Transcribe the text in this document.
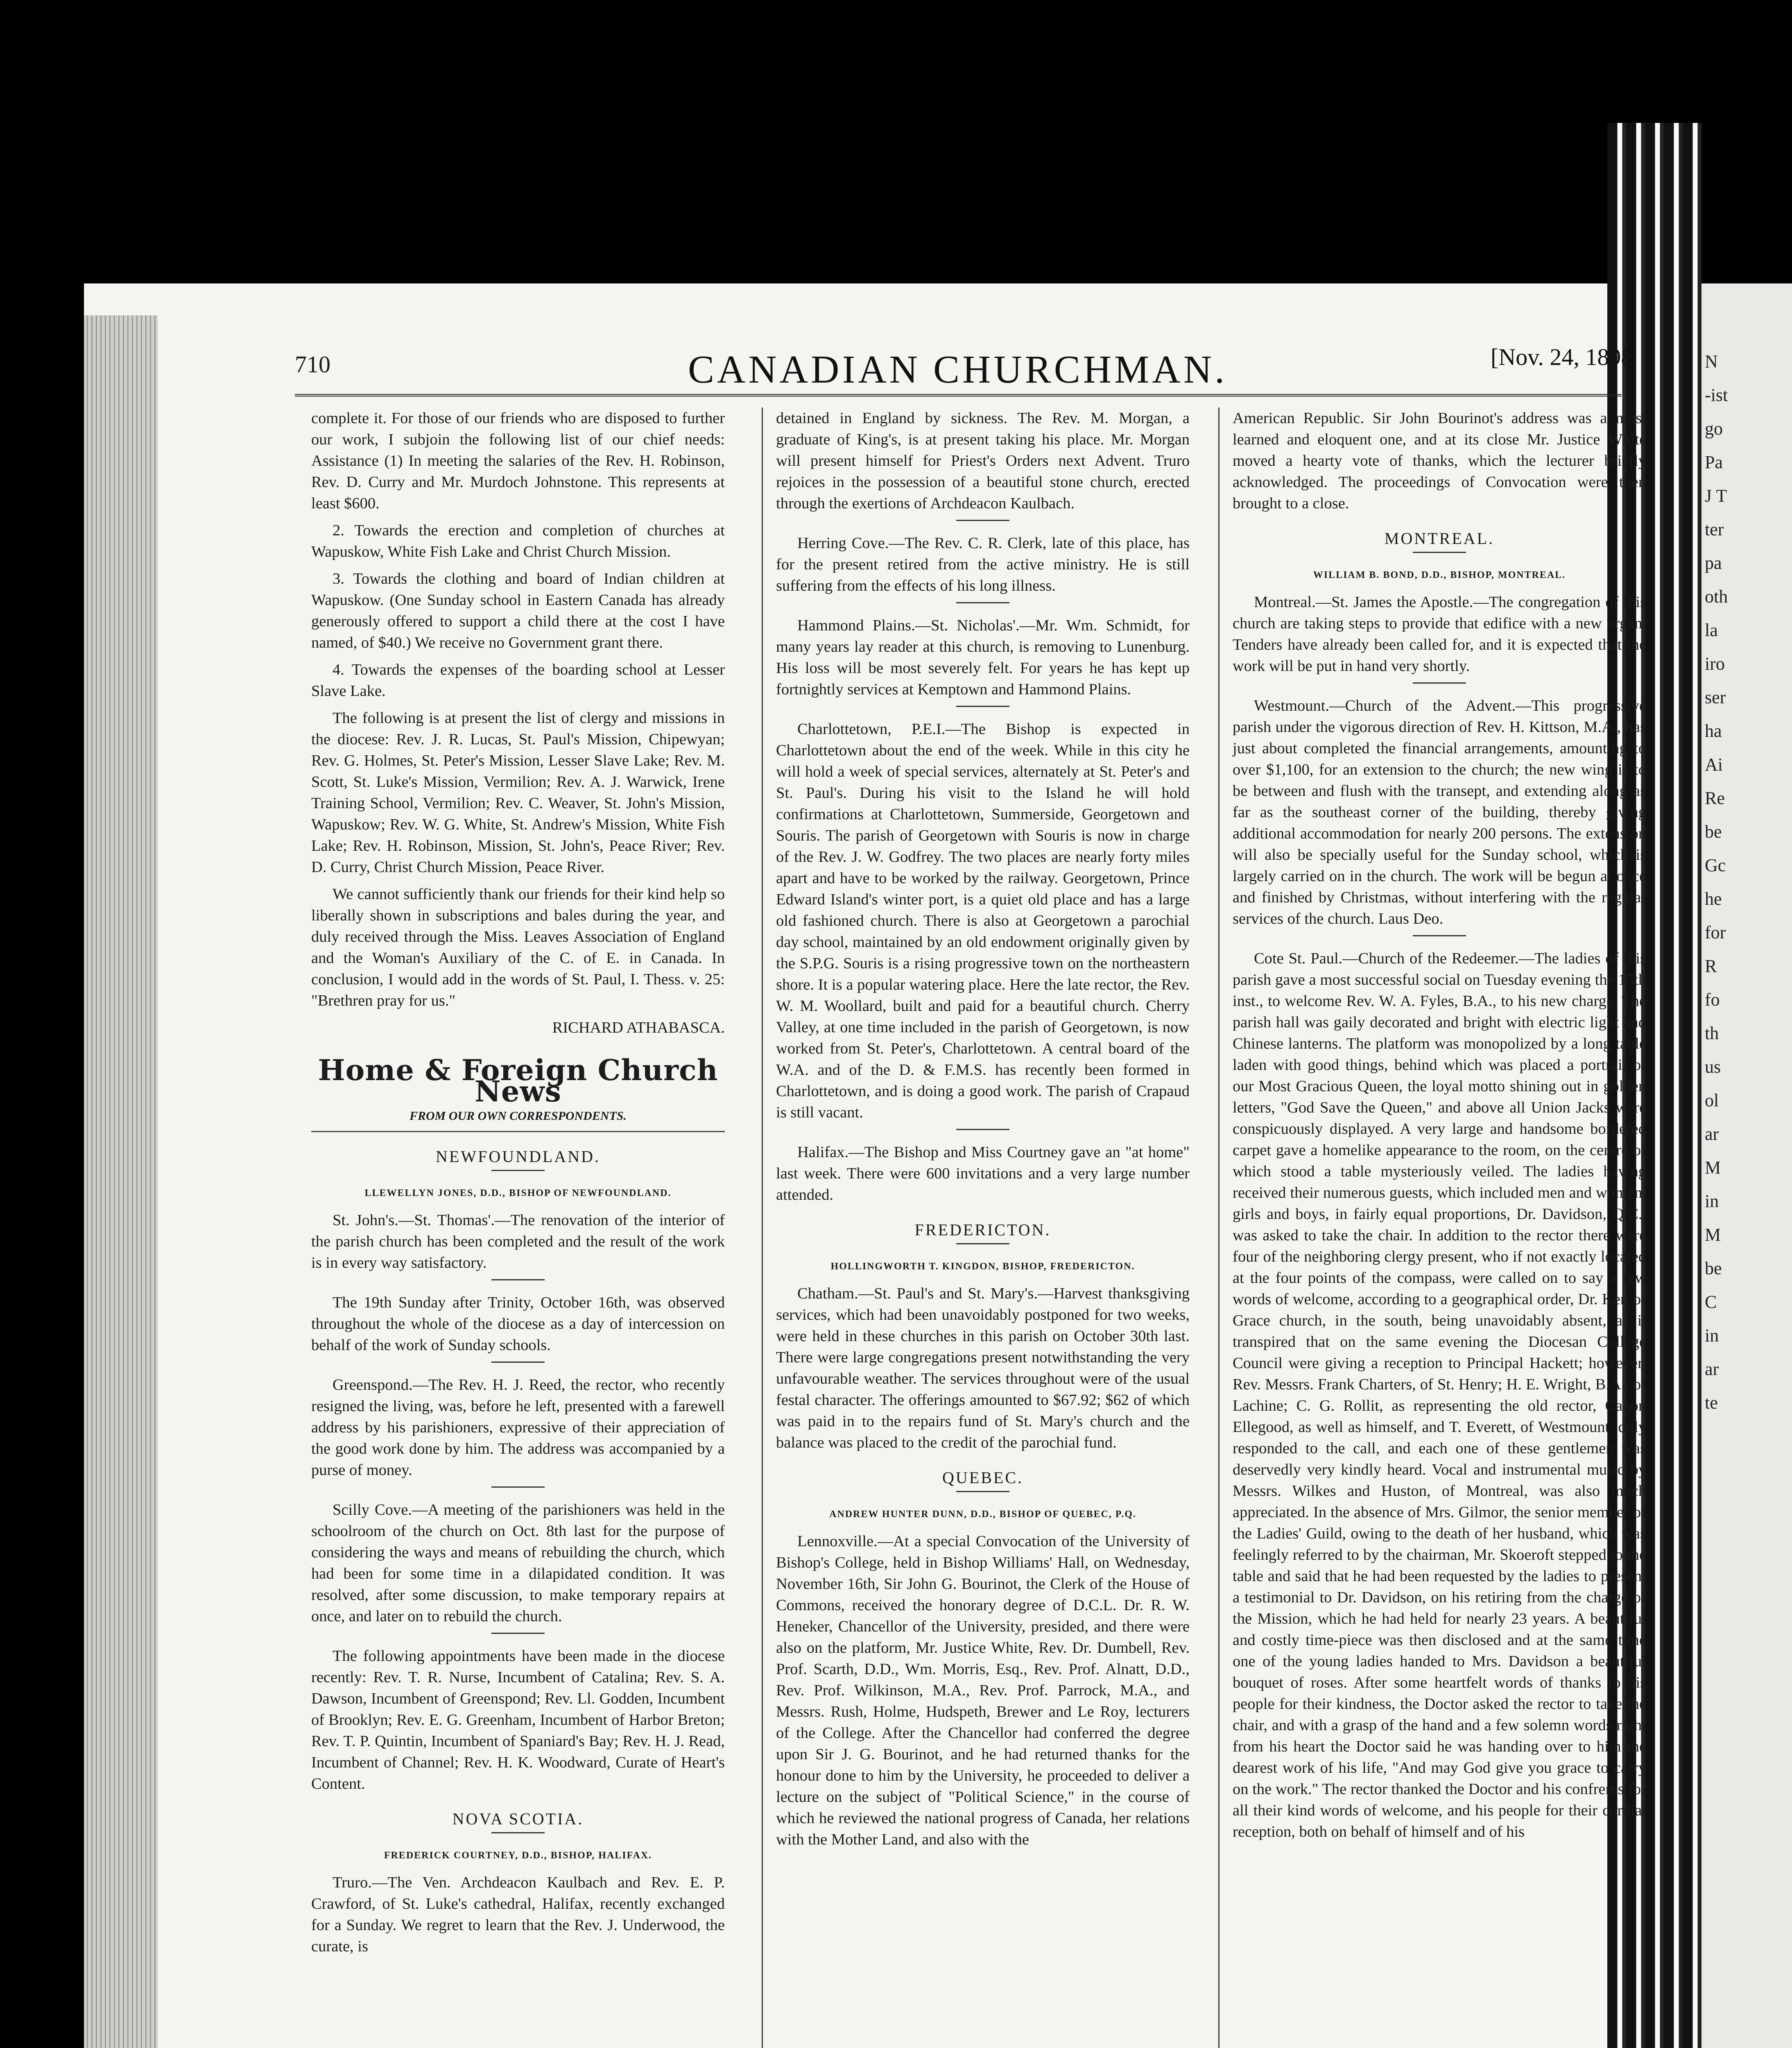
N
-ist
go
Pa
J T
ter
pa
oth
la
iro
ser
ha
Ai
Re
be
Gc
he
for
R
fo
th
us
ol
ar
M
in
M
be
C
in
ar
te
710	CANADIAN CHURCHMAN.	[Nov. 24, 1898

complete it. For those of our friends who are disposed to further our work, I subjoin the following list of our chief needs: Assistance (1) In meeting the salaries of the Rev. H. Robinson, Rev. D. Curry and Mr. Murdoch Johnstone. This represents at least $600.

2. Towards the erection and completion of churches at Wapuskow, White Fish Lake and Christ Church Mission.

3. Towards the clothing and board of Indian children at Wapuskow. (One Sunday school in Eastern Canada has already generously offered to support a child there at the cost I have named, of $40.) We receive no Government grant there.

4. Towards the expenses of the boarding school at Lesser Slave Lake.

The following is at present the list of clergy and missions in the diocese: Rev. J. R. Lucas, St. Paul's Mission, Chipewyan; Rev. G. Holmes, St. Peter's Mission, Lesser Slave Lake; Rev. M. Scott, St. Luke's Mission, Vermilion; Rev. A. J. Warwick, Irene Training School, Vermilion; Rev. C. Weaver, St. John's Mission, Wapuskow; Rev. W. G. White, St. Andrew's Mission, White Fish Lake; Rev. H. Robinson, Mission, St. John's, Peace River; Rev. D. Curry, Christ Church Mission, Peace River.

We cannot sufficiently thank our friends for their kind help so liberally shown in subscriptions and bales during the year, and duly received through the Miss. Leaves Association of England and the Woman's Auxiliary of the C. of E. in Canada. In conclusion, I would add in the words of St. Paul, I. Thess. v. 25: "Brethren pray for us."

RICHARD ATHABASCA.

Home & Foreign Church News
FROM OUR OWN CORRESPONDENTS.
NEWFOUNDLAND.
LLEWELLYN JONES, D.D., BISHOP OF NEWFOUNDLAND.

St. John's.—St. Thomas'.—The renovation of the interior of the parish church has been completed and the result of the work is in every way satisfactory.

The 19th Sunday after Trinity, October 16th, was observed throughout the whole of the diocese as a day of intercession on behalf of the work of Sunday schools.

Greenspond.—The Rev. H. J. Reed, the rector, who recently resigned the living, was, before he left, presented with a farewell address by his parishioners, expressive of their appreciation of the good work done by him. The address was accompanied by a purse of money.

Scilly Cove.—A meeting of the parishioners was held in the schoolroom of the church on Oct. 8th last for the purpose of considering the ways and means of rebuilding the church, which had been for some time in a dilapidated condition. It was resolved, after some discussion, to make temporary repairs at once, and later on to rebuild the church.

The following appointments have been made in the diocese recently: Rev. T. R. Nurse, Incumbent of Catalina; Rev. S. A. Dawson, Incumbent of Greenspond; Rev. Ll. Godden, Incumbent of Brooklyn; Rev. E. G. Greenham, Incumbent of Harbor Breton; Rev. T. P. Quintin, Incumbent of Spaniard's Bay; Rev. H. J. Read, Incumbent of Channel; Rev. H. K. Woodward, Curate of Heart's Content.

NOVA SCOTIA.
FREDERICK COURTNEY, D.D., BISHOP, HALIFAX.

Truro.—The Ven. Archdeacon Kaulbach and Rev. E. P. Crawford, of St. Luke's cathedral, Halifax, recently exchanged for a Sunday. We regret to learn that the Rev. J. Underwood, the curate, is

detained in England by sickness. The Rev. M. Morgan, a graduate of King's, is at present taking his place. Mr. Morgan will present himself for Priest's Orders next Advent. Truro rejoices in the possession of a beautiful stone church, erected through the exertions of Archdeacon Kaulbach.

Herring Cove.—The Rev. C. R. Clerk, late of this place, has for the present retired from the active ministry. He is still suffering from the effects of his long illness.

Hammond Plains.—St. Nicholas'.—Mr. Wm. Schmidt, for many years lay reader at this church, is removing to Lunenburg. His loss will be most severely felt. For years he has kept up fortnightly services at Kemptown and Hammond Plains.

Charlottetown, P.E.I.—The Bishop is expected in Charlottetown about the end of the week. While in this city he will hold a week of special services, alternately at St. Peter's and St. Paul's. During his visit to the Island he will hold confirmations at Charlottetown, Summerside, Georgetown and Souris. The parish of Georgetown with Souris is now in charge of the Rev. J. W. Godfrey. The two places are nearly forty miles apart and have to be worked by the railway. Georgetown, Prince Edward Island's winter port, is a quiet old place and has a large old fashioned church. There is also at Georgetown a parochial day school, maintained by an old endowment originally given by the S.P.G. Souris is a rising progressive town on the northeastern shore. It is a popular watering place. Here the late rector, the Rev. W. M. Woollard, built and paid for a beautiful church. Cherry Valley, at one time included in the parish of Georgetown, is now worked from St. Peter's, Charlottetown. A central board of the W.A. and of the D. & F.M.S. has recently been formed in Charlottetown, and is doing a good work. The parish of Crapaud is still vacant.

Halifax.—The Bishop and Miss Courtney gave an "at home" last week. There were 600 invitations and a very large number attended.

FREDERICTON.
HOLLINGWORTH T. KINGDON, BISHOP, FREDERICTON.

Chatham.—St. Paul's and St. Mary's.—Harvest thanksgiving services, which had been unavoidably postponed for two weeks, were held in these churches in this parish on October 30th last. There were large congregations present notwithstanding the very unfavourable weather. The services throughout were of the usual festal character. The offerings amounted to $67.92; $62 of which was paid in to the repairs fund of St. Mary's church and the balance was placed to the credit of the parochial fund.

QUEBEC.
ANDREW HUNTER DUNN, D.D., BISHOP OF QUEBEC, P.Q.

Lennoxville.—At a special Convocation of the University of Bishop's College, held in Bishop Williams' Hall, on Wednesday, November 16th, Sir John G. Bourinot, the Clerk of the House of Commons, received the honorary degree of D.C.L. Dr. R. W. Heneker, Chancellor of the University, presided, and there were also on the platform, Mr. Justice White, Rev. Dr. Dumbell, Rev. Prof. Scarth, D.D., Wm. Morris, Esq., Rev. Prof. Alnatt, D.D., Rev. Prof. Wilkinson, M.A., Rev. Prof. Parrock, M.A., and Messrs. Rush, Holme, Hudspeth, Brewer and Le Roy, lecturers of the College. After the Chancellor had conferred the degree upon Sir J. G. Bourinot, and he had returned thanks for the honour done to him by the University, he proceeded to deliver a lecture on the subject of "Political Science," in the course of which he reviewed the national progress of Canada, her relations with the Mother Land, and also with the

American Republic. Sir John Bourinot's address was a most learned and eloquent one, and at its close Mr. Justice White moved a hearty vote of thanks, which the lecturer briefly acknowledged. The proceedings of Convocation were then brought to a close.

MONTREAL.
WILLIAM B. BOND, D.D., BISHOP, MONTREAL.

Montreal.—St. James the Apostle.—The congregation of this church are taking steps to provide that edifice with a new organ. Tenders have already been called for, and it is expected that the work will be put in hand very shortly.

Westmount.—Church of the Advent.—This progressive parish under the vigorous direction of Rev. H. Kittson, M.A., has just about completed the financial arrangements, amounting to over $1,100, for an extension to the church; the new wing is to be between and flush with the transept, and extending along as far as the southeast corner of the building, thereby giving additional accommodation for nearly 200 persons. The extension will also be specially useful for the Sunday school, which is largely carried on in the church. The work will be begun at once and finished by Christmas, without interfering with the regular services of the church. Laus Deo.

Cote St. Paul.—Church of the Redeemer.—The ladies of this parish gave a most successful social on Tuesday evening the 15th inst., to welcome Rev. W. A. Fyles, B.A., to his new charge. The parish hall was gaily decorated and bright with electric light and Chinese lanterns. The platform was monopolized by a long table laden with good things, behind which was placed a portrait of our Most Gracious Queen, the loyal motto shining out in golden letters, "God Save the Queen," and above all Union Jacks were conspicuously displayed. A very large and handsome bordered carpet gave a homelike appearance to the room, on the centre of which stood a table mysteriously veiled. The ladies having received their numerous guests, which included men and women, girls and boys, in fairly equal proportions, Dr. Davidson, Q.C., was asked to take the chair. In addition to the rector there were four of the neighboring clergy present, who if not exactly located at the four points of the compass, were called on to say a few words of welcome, according to a geographical order, Dr. Ker, of Grace church, in the south, being unavoidably absent, as it transpired that on the same evening the Diocesan College Council were giving a reception to Principal Hackett; however, Rev. Messrs. Frank Charters, of St. Henry; H. E. Wright, B.A., of Lachine; C. G. Rollit, as representing the old rector, Canon Ellegood, as well as himself, and T. Everett, of Westmount, duly responded to the call, and each one of these gentlemen was deservedly very kindly heard. Vocal and instrumental music by Messrs. Wilkes and Huston, of Montreal, was also much appreciated. In the absence of Mrs. Gilmor, the senior member of the Ladies' Guild, owing to the death of her husband, which was feelingly referred to by the chairman, Mr. Skoeroft stepped to the table and said that he had been requested by the ladies to present a testimonial to Dr. Davidson, on his retiring from the charge of the Mission, which he had held for nearly 23 years. A beautiful and costly time-piece was then disclosed and at the same time one of the young ladies handed to Mrs. Davidson a beautiful bouquet of roses. After some heartfelt words of thanks to his people for their kindness, the Doctor asked the rector to take the chair, and with a grasp of the hand and a few solemn words right from his heart the Doctor said he was handing over to him the dearest work of his life, "And may God give you grace to carry on the work." The rector thanked the Doctor and his confreres for all their kind words of welcome, and his people for their cordial reception, both on behalf of himself and of his
